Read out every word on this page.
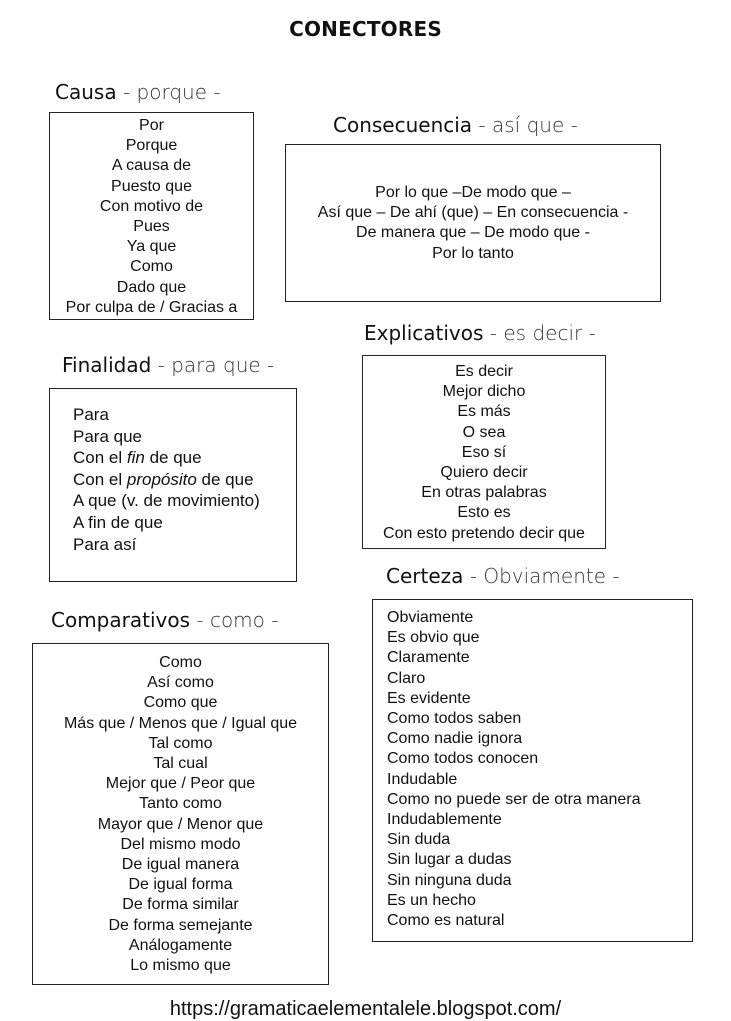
CONECTORES
Causa - porque -
Por
Porque
A causa de
Puesto que
Con motivo de
Pues
Ya que
Como
Dado que
Por culpa de / Gracias a
Consecuencia - así que -
Por lo que –De modo que –
Así que – De ahí (que) – En consecuencia -
De manera que – De modo que -
Por lo tanto
Explicativos - es decir -
Es decir
Mejor dicho
Es más
O sea
Eso sí
Quiero decir
En otras palabras
Esto es
Con esto pretendo decir que
Finalidad - para que -
Para
Para que
Con el fin de que
Con el propósito de que
A que (v. de movimiento)
A fin de que
Para así
Certeza - Obviamente -
Obviamente
Es obvio que
Claramente
Claro
Es evidente
Como todos saben
Como nadie ignora
Como todos conocen
Indudable
Como no puede ser de otra manera
Indudablemente
Sin duda
Sin lugar a dudas
Sin ninguna duda
Es un hecho
Como es natural
Comparativos - como -
Como
Así como
Como que
Más que / Menos que / Igual que
Tal como
Tal cual
Mejor que / Peor que
Tanto como
Mayor que / Menor que
Del mismo modo
De igual manera
De igual forma
De forma similar
De forma semejante
Análogamente
Lo mismo que
https://gramaticaelementalele.blogspot.com/
